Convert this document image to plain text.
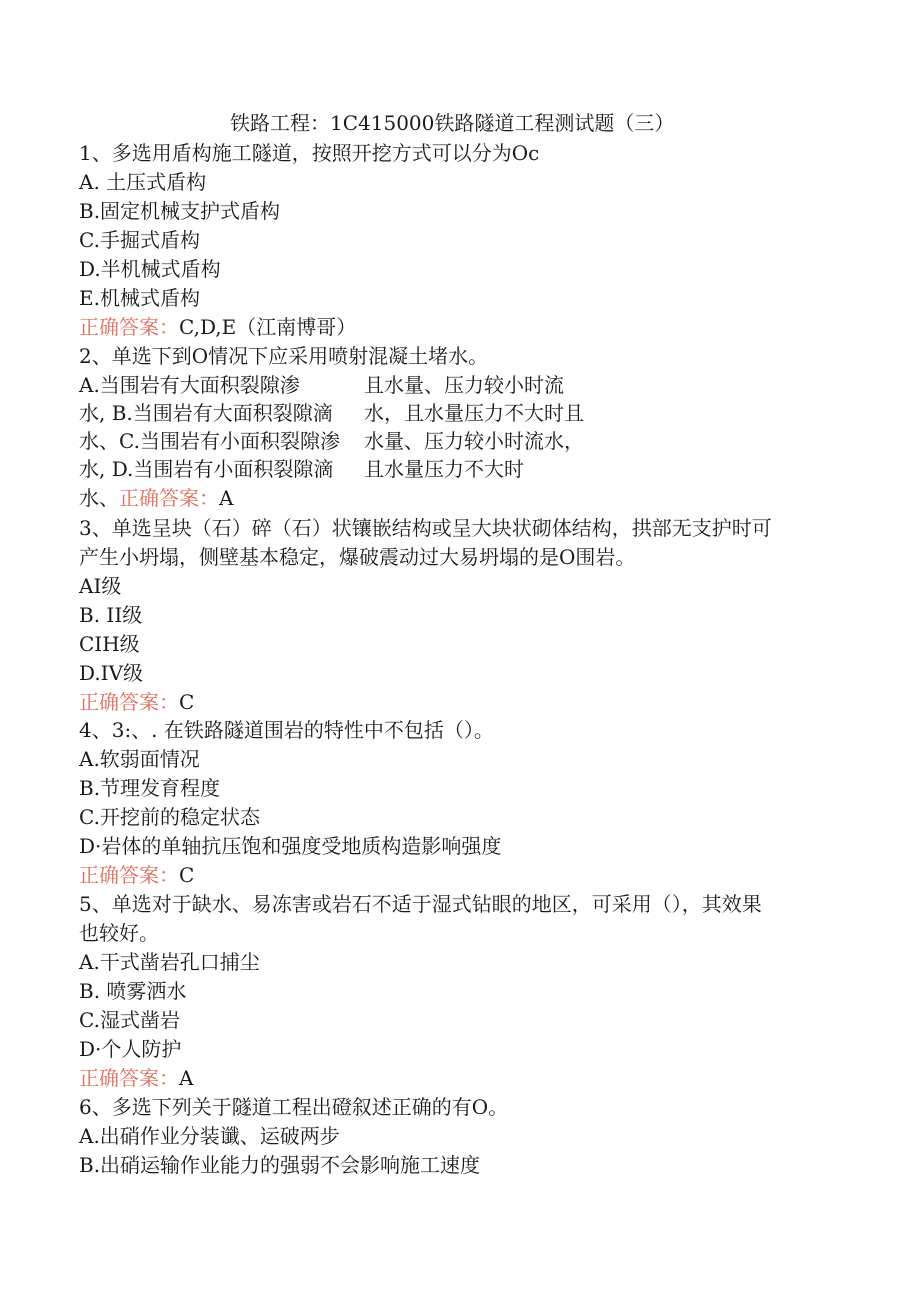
铁路工程：1C415000铁路隧道工程测试题（三）
1、多选用盾构施工隧道，按照开挖方式可以分为Oc
A. 土压式盾构
B.固定机械支护式盾构
C.手掘式盾构
D.半机械式盾构
E.机械式盾构
正确答案：C,D,E（江南博哥）
2、单选下到O情况下应采用喷射混凝土堵水。
A.当围岩有大面积裂隙渗	且水量、压力较小时流
水, B.当围岩有大面积裂隙滴 水，且水量压力不大时且
水、C.当围岩有小面积裂隙渗 水量、压力较小时流水，
水, D.当围岩有小面积裂隙滴 且水量压力不大时
水、正确答案：A
3、单选呈块（石）碎（石）状镶嵌结构或呈大块状砌体结构，拱部无支护时可
产生小坍塌，侧壁基本稳定，爆破震动过大易坍塌的是O围岩。
AI级
B. II级
CIH级
D.IV级
正确答案：C
4、3:、. 在铁路隧道围岩的特性中不包括（）。
A.软弱面情况
B.节理发育程度
C.开挖前的稳定状态
D·岩体的单轴抗压饱和强度受地质构造影响强度
正确答案：C
5、单选对于缺水、易冻害或岩石不适于湿式钻眼的地区，可采用（），其效果
也较好。
A.干式凿岩孔口捕尘
B. 喷雾洒水
C.湿式凿岩
D·个人防护
正确答案：A
6、多选下列关于隧道工程出磴叙述正确的有O。
A.出硝作业分装谶、运破两步
B.出硝运输作业能力的强弱不会影响施工速度
